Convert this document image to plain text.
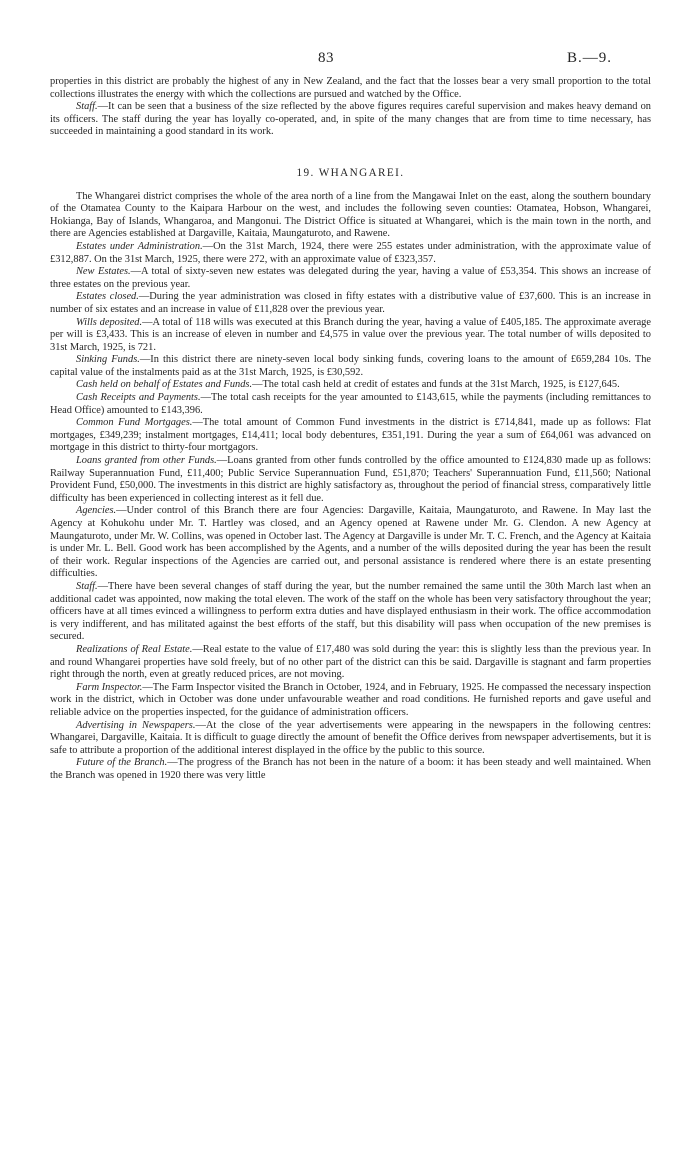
83	B.—9.

properties in this district are probably the highest of any in New Zealand, and the fact that the losses bear a very small proportion to the total collections illustrates the energy with which the collections are pursued and watched by the Office.

Staff.—It can be seen that a business of the size reflected by the above figures requires careful supervision and makes heavy demand on its officers. The staff during the year has loyally co-operated, and, in spite of the many changes that are from time to time necessary, has succeeded in maintaining a good standard in its work.

19. WHANGAREI.

The Whangarei district comprises the whole of the area north of a line from the Mangawai Inlet on the east, along the southern boundary of the Otamatea County to the Kaipara Harbour on the west, and includes the following seven counties: Otamatea, Hobson, Whangarei, Hokianga, Bay of Islands, Whangaroa, and Mangonui. The District Office is situated at Whangarei, which is the main town in the north, and there are Agencies established at Dargaville, Kaitaia, Maungaturoto, and Rawene.

Estates under Administration.—On the 31st March, 1924, there were 255 estates under administration, with the approximate value of £312,887. On the 31st March, 1925, there were 272, with an approximate value of £323,357.

New Estates.—A total of sixty-seven new estates was delegated during the year, having a value of £53,354. This shows an increase of three estates on the previous year.

Estates closed.—During the year administration was closed in fifty estates with a distributive value of £37,600. This is an increase in number of six estates and an increase in value of £11,828 over the previous year.

Wills deposited.—A total of 118 wills was executed at this Branch during the year, having a value of £405,185. The approximate average per will is £3,433. This is an increase of eleven in number and £4,575 in value over the previous year. The total number of wills deposited to 31st March, 1925, is 721.

Sinking Funds.—In this district there are ninety-seven local body sinking funds, covering loans to the amount of £659,284 10s. The capital value of the instalments paid as at the 31st March, 1925, is £30,592.

Cash held on behalf of Estates and Funds.—The total cash held at credit of estates and funds at the 31st March, 1925, is £127,645.

Cash Receipts and Payments.—The total cash receipts for the year amounted to £143,615, while the payments (including remittances to Head Office) amounted to £143,396.

Common Fund Mortgages.—The total amount of Common Fund investments in the district is £714,841, made up as follows: Flat mortgages, £349,239; instalment mortgages, £14,411; local body debentures, £351,191. During the year a sum of £64,061 was advanced on mortgage in this district to thirty-four mortgagors.

Loans granted from other Funds.—Loans granted from other funds controlled by the office amounted to £124,830 made up as follows: Railway Superannuation Fund, £11,400; Public Service Superannuation Fund, £51,870; Teachers' Superannuation Fund, £11,560; National Provident Fund, £50,000. The investments in this district are highly satisfactory as, throughout the period of financial stress, comparatively little difficulty has been experienced in collecting interest as it fell due.

Agencies.—Under control of this Branch there are four Agencies: Dargaville, Kaitaia, Maungaturoto, and Rawene. In May last the Agency at Kohukohu under Mr. T. Hartley was closed, and an Agency opened at Rawene under Mr. G. Clendon. A new Agency at Maungaturoto, under Mr. W. Collins, was opened in October last. The Agency at Dargaville is under Mr. T. C. French, and the Agency at Kaitaia is under Mr. L. Bell. Good work has been accomplished by the Agents, and a number of the wills deposited during the year has been the result of their work. Regular inspections of the Agencies are carried out, and personal assistance is rendered where there is an estate presenting difficulties.

Staff.—There have been several changes of staff during the year, but the number remained the same until the 30th March last when an additional cadet was appointed, now making the total eleven. The work of the staff on the whole has been very satisfactory throughout the year; officers have at all times evinced a willingness to perform extra duties and have displayed enthusiasm in their work. The office accommodation is very indifferent, and has militated against the best efforts of the staff, but this disability will pass when occupation of the new premises is secured.

Realizations of Real Estate.—Real estate to the value of £17,480 was sold during the year: this is slightly less than the previous year. In and round Whangarei properties have sold freely, but of no other part of the district can this be said. Dargaville is stagnant and farm properties right through the north, even at greatly reduced prices, are not moving.

Farm Inspector.—The Farm Inspector visited the Branch in October, 1924, and in February, 1925. He compassed the necessary inspection work in the district, which in October was done under unfavourable weather and road conditions. He furnished reports and gave useful and reliable advice on the properties inspected, for the guidance of administration officers.

Advertising in Newspapers.—At the close of the year advertisements were appearing in the newspapers in the following centres: Whangarei, Dargaville, Kaitaia. It is difficult to guage directly the amount of benefit the Office derives from newspaper advertisements, but it is safe to attribute a proportion of the additional interest displayed in the office by the public to this source.

Future of the Branch.—The progress of the Branch has not been in the nature of a boom: it has been steady and well maintained. When the Branch was opened in 1920 there was very little
